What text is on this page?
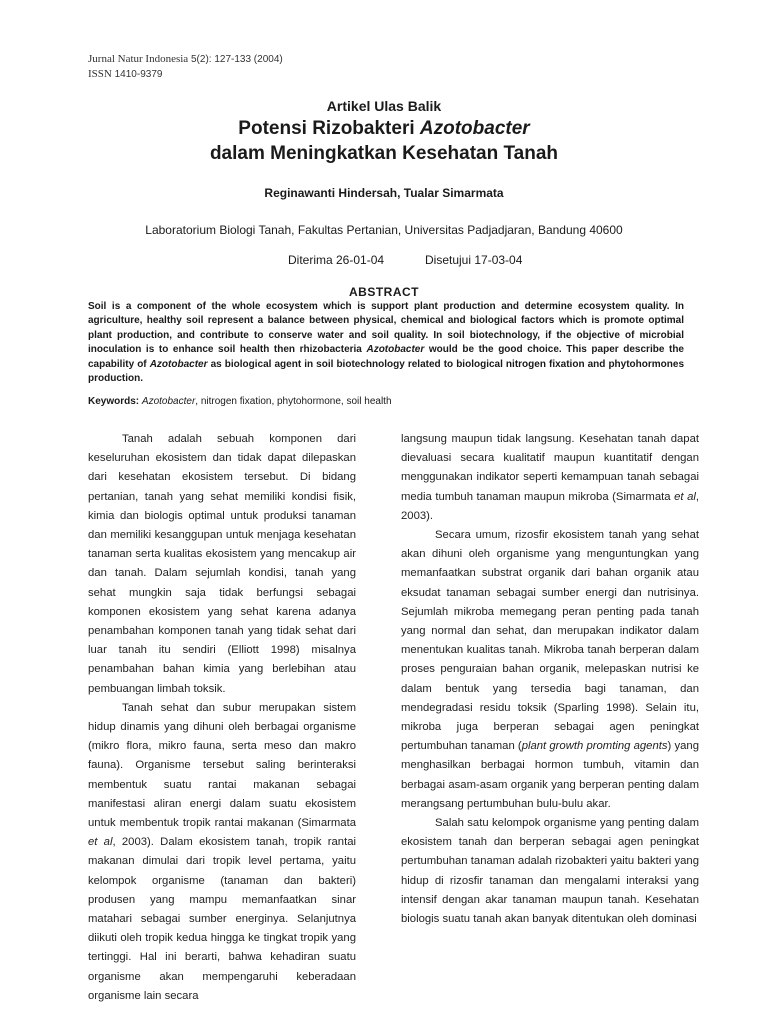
Jurnal Natur Indonesia 5(2): 127-133 (2004)
ISSN 1410-9379
Artikel Ulas Balik
Potensi Rizobakteri Azotobacter
dalam Meningkatkan Kesehatan Tanah
Reginawanti Hindersah, Tualar Simarmata
Laboratorium Biologi Tanah, Fakultas Pertanian, Universitas Padjadjaran, Bandung 40600
Diterima 26-01-04	Disetujui 17-03-04
ABSTRACT
Soil is a component of the whole ecosystem which is support plant production and determine ecosystem quality. In agriculture, healthy soil represent a balance between physical, chemical and biological factors which is promote optimal plant production, and contribute to conserve water and soil quality. In soil biotechnology, if the objective of microbial inoculation is to enhance soil health then rhizobacteria Azotobacter would be the good choice. This paper describe the capability of Azotobacter as biological agent in soil biotechnology related to biological nitrogen fixation and phytohormones production.
Keywords: Azotobacter, nitrogen fixation, phytohormone, soil health

Tanah adalah sebuah komponen dari keseluruhan ekosistem dan tidak dapat dilepaskan dari kesehatan ekosistem tersebut. Di bidang pertanian, tanah yang sehat memiliki kondisi fisik, kimia dan biologis optimal untuk produksi tanaman dan memiliki kesanggupan untuk menjaga kesehatan tanaman serta kualitas ekosistem yang mencakup air dan tanah. Dalam sejumlah kondisi, tanah yang sehat mungkin saja tidak berfungsi sebagai komponen ekosistem yang sehat karena adanya penambahan komponen tanah yang tidak sehat dari luar tanah itu sendiri (Elliott 1998) misalnya penambahan bahan kimia yang berlebihan atau pembuangan limbah toksik.

Tanah sehat dan subur merupakan sistem hidup dinamis yang dihuni oleh berbagai organisme (mikro flora, mikro fauna, serta meso dan makro fauna). Organisme tersebut saling berinteraksi membentuk suatu rantai makanan sebagai manifestasi aliran energi dalam suatu ekosistem untuk membentuk tropik rantai makanan (Simarmata et al, 2003). Dalam ekosistem tanah, tropik rantai makanan dimulai dari tropik level pertama, yaitu kelompok organisme (tanaman dan bakteri) produsen yang mampu memanfaatkan sinar matahari sebagai sumber energinya. Selanjutnya diikuti oleh tropik kedua hingga ke tingkat tropik yang tertinggi. Hal ini berarti, bahwa kehadiran suatu organisme akan mempengaruhi keberadaan organisme lain secara

langsung maupun tidak langsung. Kesehatan tanah dapat dievaluasi secara kualitatif maupun kuantitatif dengan menggunakan indikator seperti kemampuan tanah sebagai media tumbuh tanaman maupun mikroba (Simarmata et al, 2003).

Secara umum, rizosfir ekosistem tanah yang sehat akan dihuni oleh organisme yang menguntungkan yang memanfaatkan substrat organik dari bahan organik atau eksudat tanaman sebagai sumber energi dan nutrisinya. Sejumlah mikroba memegang peran penting pada tanah yang normal dan sehat, dan merupakan indikator dalam menentukan kualitas tanah. Mikroba tanah berperan dalam proses penguraian bahan organik, melepaskan nutrisi ke dalam bentuk yang tersedia bagi tanaman, dan mendegradasi residu toksik (Sparling 1998). Selain itu, mikroba juga berperan sebagai agen peningkat pertumbuhan tanaman (plant growth promting agents) yang menghasilkan berbagai hormon tumbuh, vitamin dan berbagai asam-asam organik yang berperan penting dalam merangsang pertumbuhan bulu-bulu akar.

Salah satu kelompok organisme yang penting dalam ekosistem tanah dan berperan sebagai agen peningkat pertumbuhan tanaman adalah rizobakteri yaitu bakteri yang hidup di rizosfir tanaman dan mengalami interaksi yang intensif dengan akar tanaman maupun tanah. Kesehatan biologis suatu tanah akan banyak ditentukan oleh dominasi
